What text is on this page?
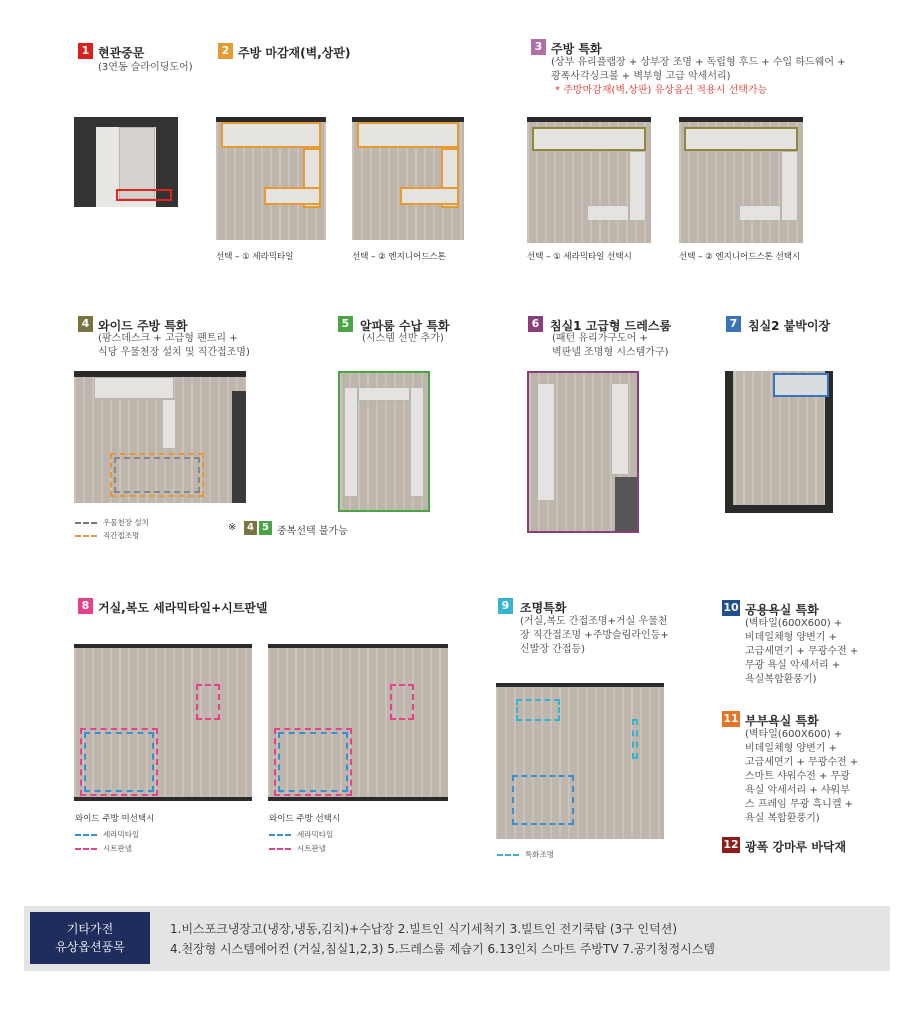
1 현관중문
(3연동 슬라이딩도어)
2 주방 마감재(벽,상판)
선택 – ① 세라믹타일	선택 – ② 엔지니어드스톤
3 주방 특화
(상부 유리플랩장 + 상부장 조명 + 독립형 후드 + 수입 하드웨어 +
광폭사각싱크볼 + 벽부형 고급 악세서리)
* 주방마감재(벽,상판) 유상옵션 적용시 선택가능
선택 – ① 세라믹타일 선택시	선택 – ② 엔지니어드스톤 선택시
4 와이드 주방 특화
(팜스데스크 + 고급형 팬트리 +
식당 우물천장 설치 및 직간접조명)
우물천장 설치
직간접조명
※	4 5 중복선택 불가능
5 알파룸 수납 특화
(시스템 선반 추가)
6 침실1 고급형 드레스룸
(패턴 유리가구도어 +
벽판넬 조명형 시스템가구)
7 침실2 붙박이장
8 거실,복도 세라믹타일+시트판넬
와이드 주방 미선택시	와이드 주방 선택시
세라믹타일
시트판넬
세라믹타일
시트판넬
9 조명특화
(거실,복도 간접조명+거실 우물천
장 직간접조명 +주방슬림라인등+
신발장 간접등)
특화조명
10 공용욕실 특화
(벽타일(600X600) +
비데일체형 양변기 +
고급세면기 + 무광수전 +
무광 욕실 악세서리 +
욕실복합환풍기)
11 부부욕실 특화
(벽타일(600X600) +
비데일체형 양변기 +
고급세면기 + 무광수전 +
스마트 샤워수전 + 무광
욕실 악세서리 + 샤워부
스 프레임 무광 흑니켈 +
욕실 복합환풍기)
12 광폭 강마루 바닥재
기타가전
유상옵션품목
1.비스포크냉장고(냉장,냉동,김치)+수납장 2.빌트인 식기세척기 3.빌트인 전기쿡탑 (3구 인덕션)
4.천장형 시스템에어컨 (거실,침실1,2,3) 5.드레스룸 제습기 6.13인치 스마트 주방TV 7.공기청정시스템
